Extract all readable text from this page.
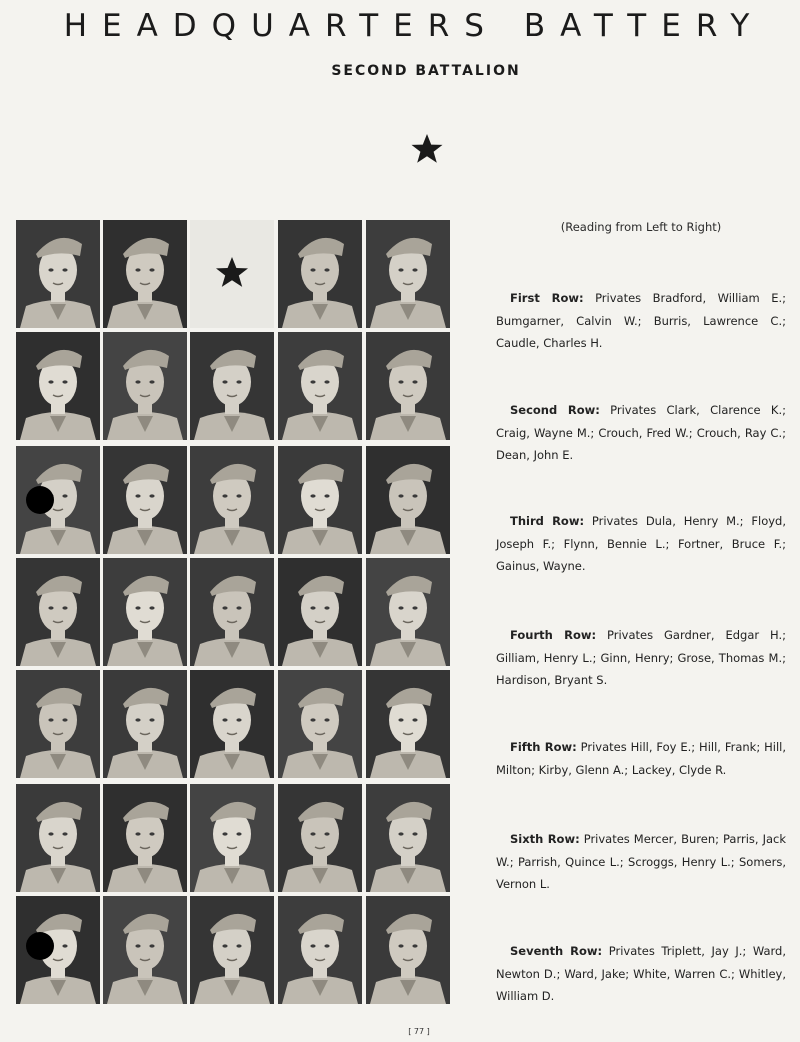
HEADQUARTERS BATTERY
SECOND BATTALION
(Reading from Left to Right)
First Row: Privates Bradford, William E.; Bumgarner, Calvin W.; Burris, Lawrence C.; Caudle, Charles H.
Second Row: Privates Clark, Clarence K.; Craig, Wayne M.; Crouch, Fred W.; Crouch, Ray C.; Dean, John E.
Third Row: Privates Dula, Henry M.; Floyd, Joseph F.; Flynn, Bennie L.; Fortner, Bruce F.; Gainus, Wayne.
Fourth Row: Privates Gardner, Edgar H.; Gilliam, Henry L.; Ginn, Henry; Grose, Thomas M.; Hardison, Bryant S.
Fifth Row: Privates Hill, Foy E.; Hill, Frank; Hill, Milton; Kirby, Glenn A.; Lackey, Clyde R.
Sixth Row: Privates Mercer, Buren; Parris, Jack W.; Parrish, Quince L.; Scroggs, Henry L.; Somers, Vernon L.
Seventh Row: Privates Triplett, Jay J.; Ward, Newton D.; Ward, Jake; White, Warren C.; Whitley, William D.
[ 77 ]
